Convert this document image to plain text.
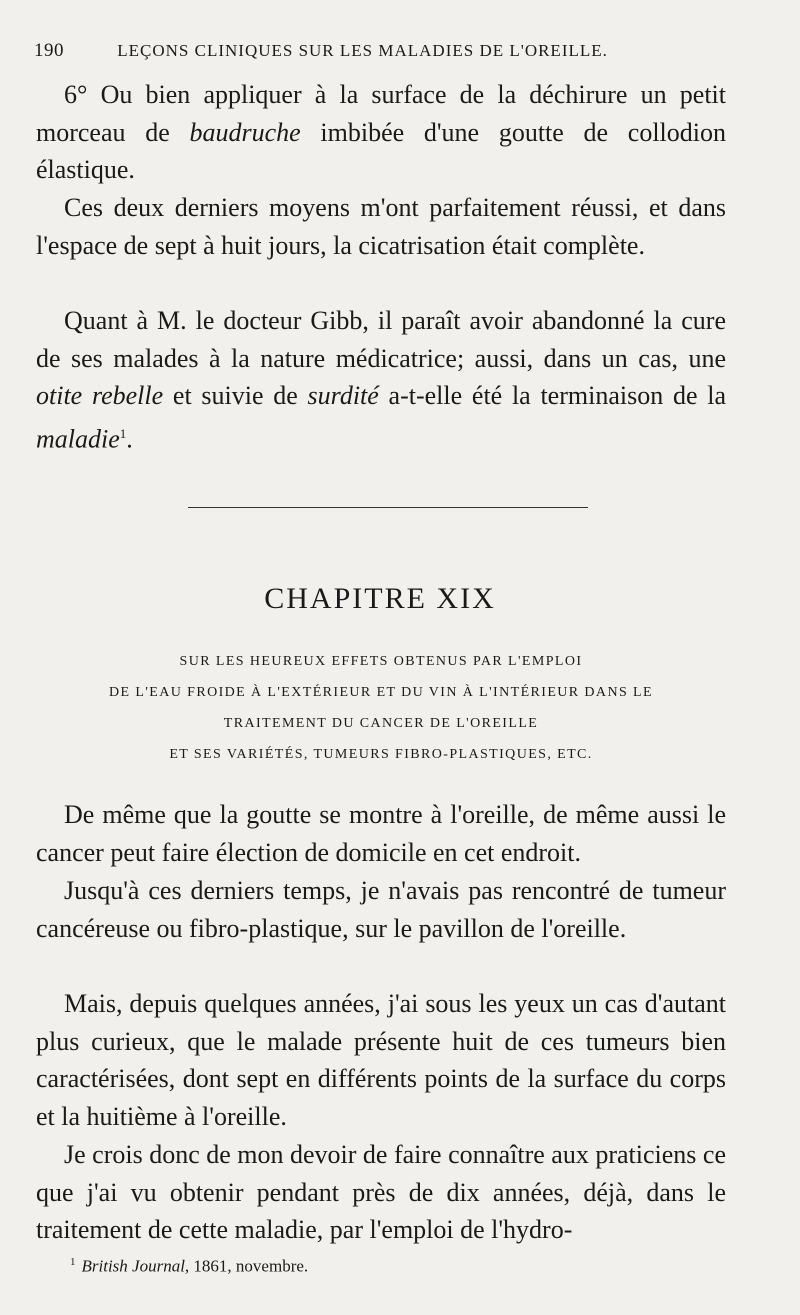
190	LEÇONS CLINIQUES SUR LES MALADIES DE L'OREILLE.

6° Ou bien appliquer à la surface de la déchirure un petit morceau de baudruche imbibée d'une goutte de collodion élastique.

Ces deux derniers moyens m'ont parfaitement réussi, et dans l'espace de sept à huit jours, la cicatrisation était complète.

Quant à M. le docteur Gibb, il paraît avoir abandonné la cure de ses malades à la nature médicatrice; aussi, dans un cas, une otite rebelle et suivie de surdité a-t-elle été la terminaison de la maladie$^1$.

CHAPITRE XIX
SUR LES HEUREUX EFFETS OBTENUS PAR L'EMPLOI
DE L'EAU FROIDE À L'EXTÉRIEUR ET DU VIN À L'INTÉRIEUR DANS LE
TRAITEMENT DU CANCER DE L'OREILLE
ET SES VARIÉTÉS, TUMEURS FIBRO-PLASTIQUES, ETC.

De même que la goutte se montre à l'oreille, de même aussi le cancer peut faire élection de domicile en cet endroit.

Jusqu'à ces derniers temps, je n'avais pas rencontré de tumeur cancéreuse ou fibro-plastique, sur le pavillon de l'oreille.

Mais, depuis quelques années, j'ai sous les yeux un cas d'autant plus curieux, que le malade présente huit de ces tumeurs bien caractérisées, dont sept en différents points de la surface du corps et la huitième à l'oreille.

Je crois donc de mon devoir de faire connaître aux praticiens ce que j'ai vu obtenir pendant près de dix années, déjà, dans le traitement de cette maladie, par l'emploi de l'hydro-

$^1$ British Journal, 1861, novembre.
